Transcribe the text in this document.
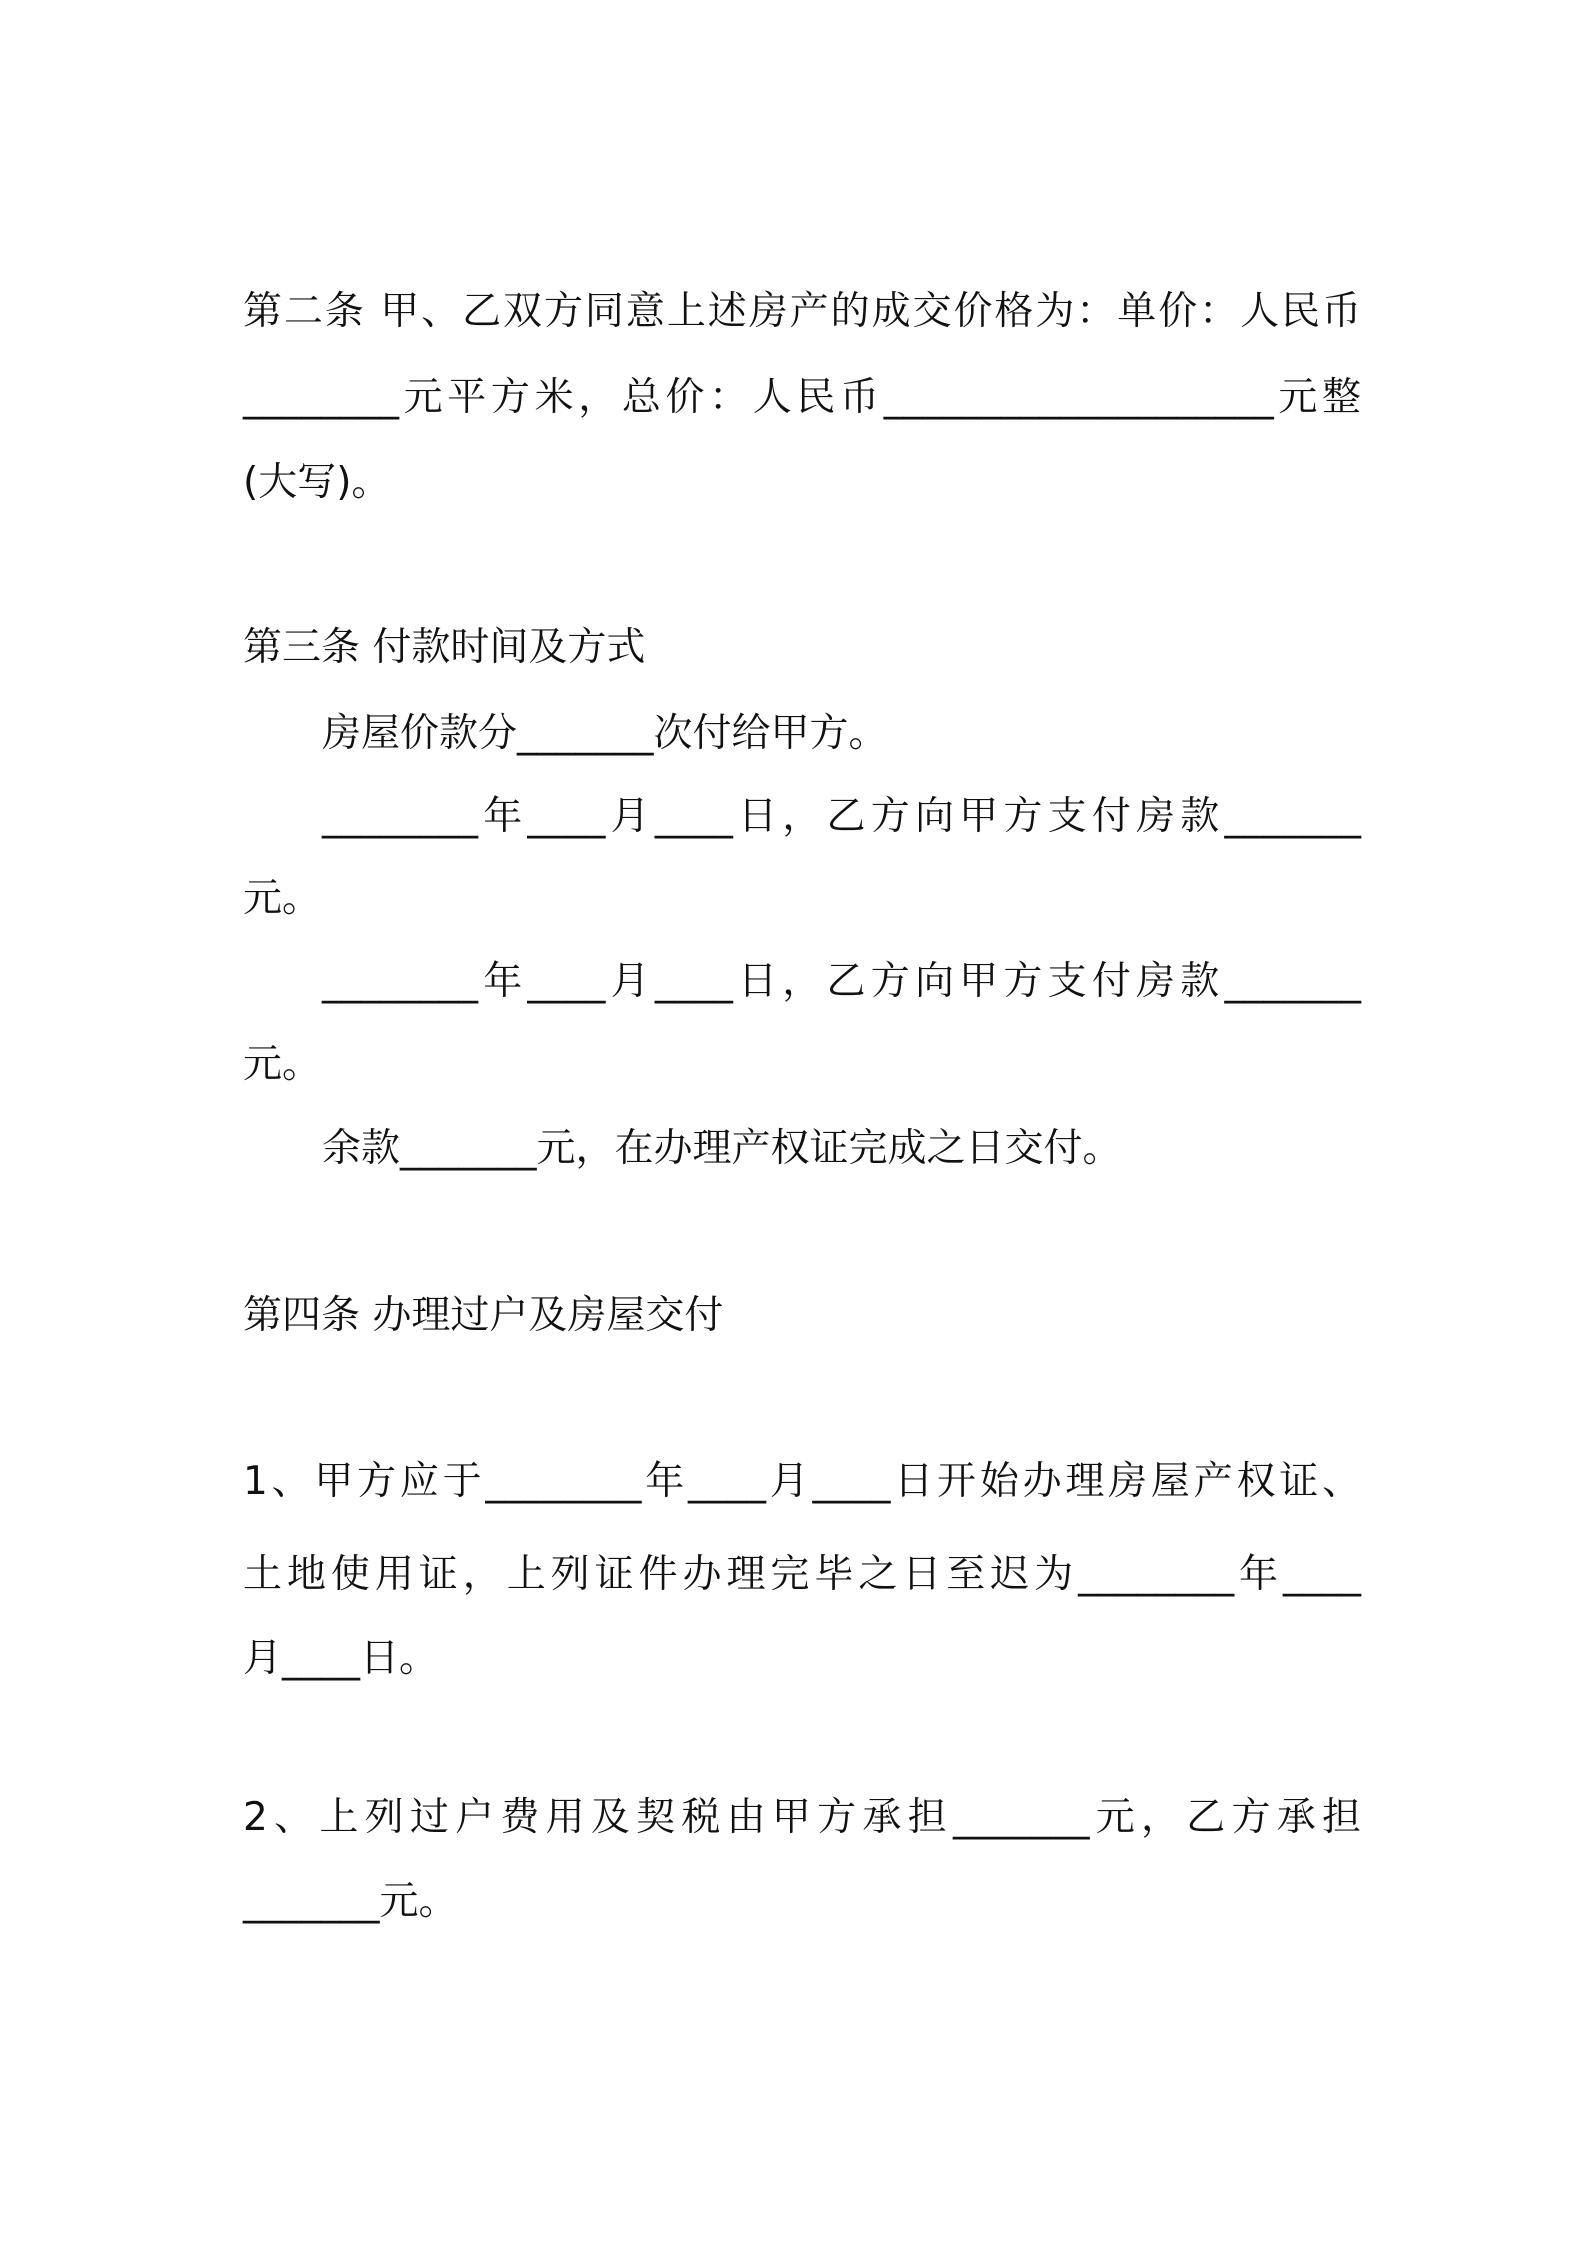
第二条 甲、乙双方同意上述房产的成交价格为：单价：人民币
________元平方米，总价：人民币____________________元整
(大写)。
第三条 付款时间及方式
房屋价款分_______次付给甲方。
________年____月____日，乙方向甲方支付房款_______
元。
________年____月____日，乙方向甲方支付房款_______
元。
余款_______元，在办理产权证完成之日交付。
第四条 办理过户及房屋交付
1、甲方应于________年____月____日开始办理房屋产权证、
土地使用证，上列证件办理完毕之日至迟为________年____
月____日。
2、上列过户费用及契税由甲方承担_______元，乙方承担
_______元。
